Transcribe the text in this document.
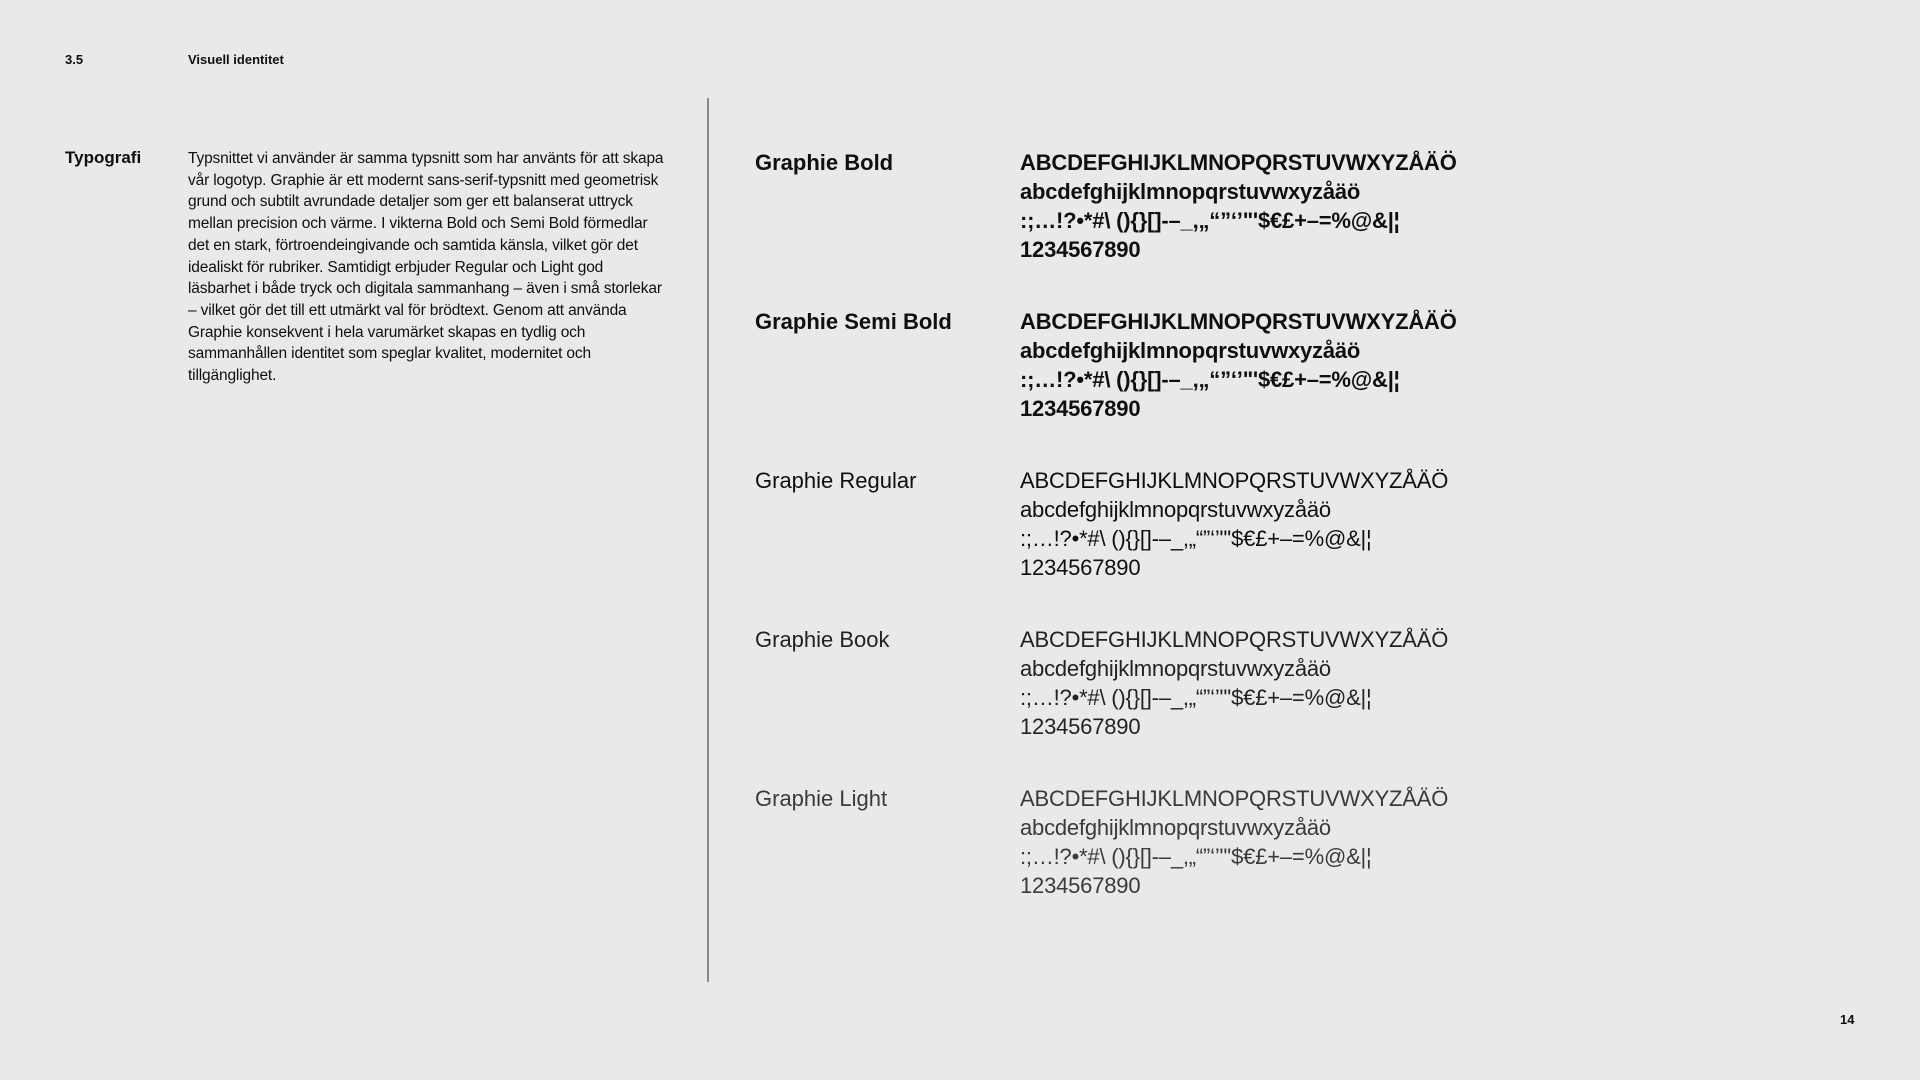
3.5	Visuell identitet
Typografi	Typsnittet vi använder är samma typsnitt som har använts för att skapa vår logotyp. Graphie är ett modernt sans-serif-typsnitt med geometrisk grund och subtilt avrundade detaljer som ger ett balanserat uttryck mellan precision och värme. I vikterna Bold och Semi Bold förmedlar det en stark, förtroendeingivande och samtida känsla, vilket gör det idealiskt för rubriker. Samtidigt erbjuder Regular och Light god läsbarhet i både tryck och digitala sammanhang – även i små storlekar – vilket gör det till ett utmärkt val för brödtext. Genom att använda Graphie konsekvent i hela varumärket skapas en tydlig och sammanhållen identitet som speglar kvalitet, modernitet och tillgänglighet.

Graphie Bold	ABCDEFGHIJKLMNOPQRSTUVWXYZÅÄÖ
abcdefghijklmnopqrstuvwxyzåäö
:;…!?•*#\ (){}[]-–_,„“”‘’"'$€£+–=%@&|¦
1234567890
Graphie Semi Bold	ABCDEFGHIJKLMNOPQRSTUVWXYZÅÄÖ
abcdefghijklmnopqrstuvwxyzåäö
:;…!?•*#\ (){}[]-–_,„“”‘’"'$€£+–=%@&|¦
1234567890
Graphie Regular	ABCDEFGHIJKLMNOPQRSTUVWXYZÅÄÖ
abcdefghijklmnopqrstuvwxyzåäö
:;…!?•*#\ (){}[]-–_,„“”‘’"'$€£+–=%@&|¦
1234567890
Graphie Book	ABCDEFGHIJKLMNOPQRSTUVWXYZÅÄÖ
abcdefghijklmnopqrstuvwxyzåäö
:;…!?•*#\ (){}[]-–_,„“”‘’"'$€£+–=%@&|¦
1234567890
Graphie Light	ABCDEFGHIJKLMNOPQRSTUVWXYZÅÄÖ
abcdefghijklmnopqrstuvwxyzåäö
:;…!?•*#\ (){}[]-–_,„“”‘’"'$€£+–=%@&|¦
1234567890
14
